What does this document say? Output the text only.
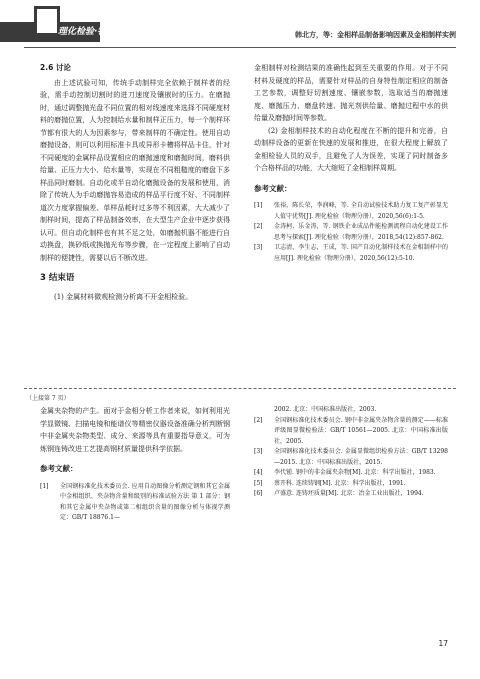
理化检验·物理分册	韩北方，等：金相样品制备影响因素及金相制样实例
2.6 讨论

由上述试验可知，传统手动制样完全依赖于制样者的经验，需手动控制切割时的进刀速度及镶嵌时的压力。在磨抛时，通过调整抛光盘不同位置的相对线速度来选择不同硬度材料的磨抛位置，人为控制给水量和制样正压力，每一个制样环节都有很大的人为因素参与，带来制样的不确定性。使用自动磨抛设备，则可以利用标准卡具或异形卡槽将样品卡住，针对不同硬度的金属样品设置相应的磨抛速度和磨抛时间，磨料供给量、正压力大小、给水量等，实现在不同粗糙度的磨盘下多样品同时磨制。自动化或半自动化磨抛设备的发展和使用，消除了传统人为手动磨抛容易造成的样品平行度不好、不同制样道次力度掌握偏差、单样品耗时过多等不利因素，大大减少了制样时间，提高了样品制备效率，在大型生产企业中逐步获得认可。但自动化制样也有其不足之处，如磨抛机器不能进行自动换盘，换砂纸或换抛光布等步骤，在一定程度上影响了自动制样的便捷性，需要以后不断改进。

3 结束语

(1) 金属材料微观检测分析离不开金相检验。

金相制样对检测结果的准确性起到至关重要的作用。对于不同材料及硬度的样品，需要针对样品的自身特性制定相应的制备工艺参数，调整好切割速度、镶嵌参数，选取适当的磨抛速度、磨抛压力、磨盘转速、抛光剂供给量、磨抛过程中水的供给量及磨抛时间等参数。

(2) 金相制样技术的自动化程度在不断的提升和完善，自动制样设备的更新在快速的发展和推进，在很大程度上解放了金相检验人员的双手，且避免了人为误差，实现了同时制备多个合格样品的功能，大大缩短了金相制样周期。

参考文献：
[1]	张裕，陈长荣，李润峰，等. 全自动试验技术助力复工复产彰显无人值守优势[J]. 理化检验（物理分册），2020,56(6):1-5.
[2]	金涛柯，乐金涛，等. 钢铁企业成品件能检测流程自动化建设工作思考与探索[J]. 理化检验（物理分册），2018,54(12):857-862.
[3]	卫志清，李生志，王成，等. 国产自动化制样技术在金相制样中的应用[J]. 理化检验（物理分册），2020,56(12):5-10.
（上接第 7 页）

金属夹杂物的产生。面对于金相分析工作者来说，如何利用光学显微镜、扫描电镜和能谱仪等精密仪器设备准确分析判断钢中非金属夹杂物类型、成分、来源等具有重要指导意义，可为炼钢连铸改进工艺提高钢材质量提供科学依据。

参考文献：
[1]	全国钢标准化技术委员会. 应用自动图像分析测定钢和其它金属中金相组织、夹杂物含量和级别的标准试验方法 第 1 部分：钢和其它金属中夹杂物或第二相组织含量的图像分析与体视学测定：GB/T 18876.1—
2002. 北京：中国标准出版社，2003.
[2]	全国钢标准化技术委员会. 钢中非金属夹杂物含量的测定——标准评级图显微检验法：GB/T 10561—2005. 北京：中国标准出版社，2005.
[3]	全国钢标准化技术委员会. 金属显微组织检验方法：GB/T 13298—2015. 北京：中国标准出版社，2015.
[4]	李代锺. 钢中的非金属夹杂物[M]. 北京：科学出版社，1983.
[5]	蔡开科. 连续铸钢[M]. 北京：科学出版社，1991.
[6]	卢盛意. 连铸坯质量[M]. 北京：冶金工业出版社，1994.
17
